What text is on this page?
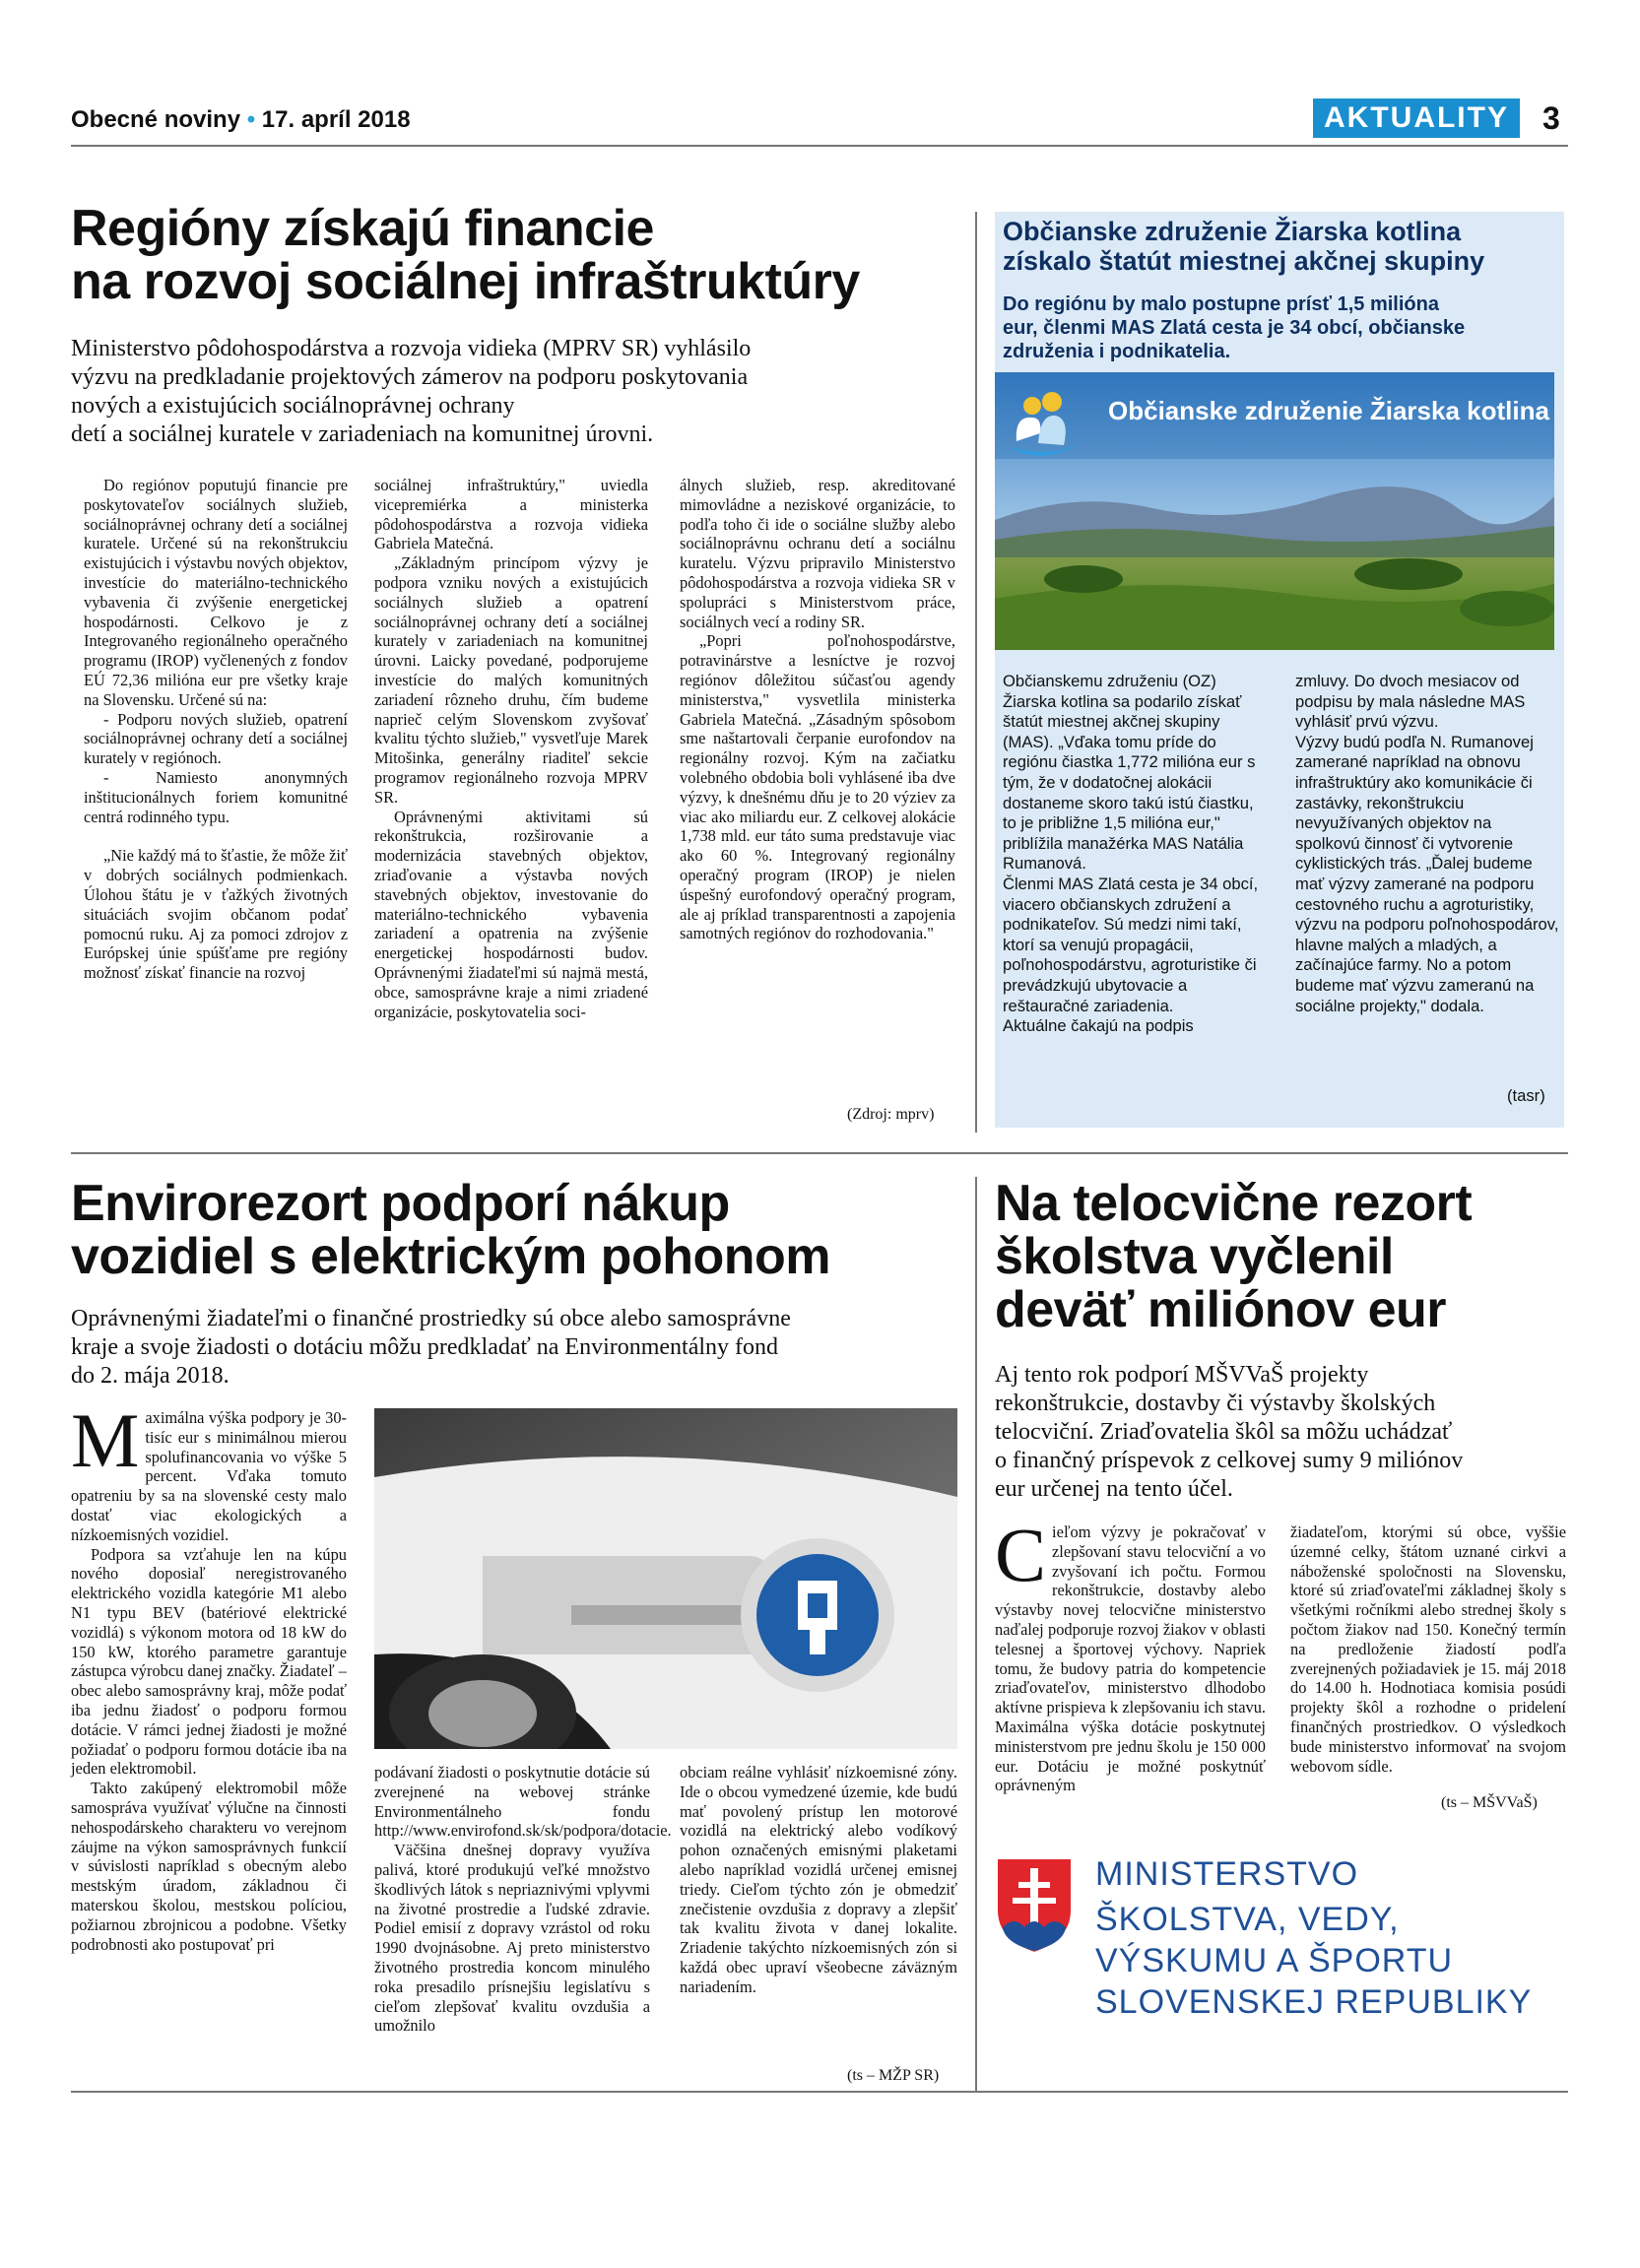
Obecné noviny • 17. apríl 2018	AKTUALITY	3
Regióny získajú financie
na rozvoj sociálnej infraštruktúry
Ministerstvo pôdohospodárstva a rozvoja vidieka (MPRV SR) vyhlásilo
výzvu na predkladanie projektových zámerov na podporu poskytovania
nových a existujúcich sociálnoprávnej ochrany
detí a sociálnej kuratele v zariadeniach na komunitnej úrovni.

Do regiónov poputujú financie pre poskytovateľov sociálnych služieb, sociálnoprávnej ochrany detí a sociálnej kuratele. Určené sú na rekonštrukciu existujúcich i výstavbu nových objektov, investície do materiálno-technického vybavenia či zvýšenie energetickej hospodárnosti. Celkovo je z Integrovaného regionálneho operačného programu (IROP) vyčlenených z fondov EÚ 72,36 milióna eur pre všetky kraje na Slovensku. Určené sú na:

- Podporu nových služieb, opatrení sociálnoprávnej ochrany detí a sociálnej kurately v regiónoch.

- Namiesto anonymných inštitucionálnych foriem komunitné centrá rodinného typu.

„Nie každý má to šťastie, že môže žiť v dobrých sociálnych podmienkach. Úlohou štátu je v ťažkých životných situáciách svojim občanom podať pomocnú ruku. Aj za pomoci zdrojov z Európskej únie spúšťame pre regióny možnosť získať financie na rozvoj

sociálnej infraštruktúry," uviedla vicepremiérka a ministerka pôdohospodárstva a rozvoja vidieka Gabriela Matečná.

„Základným princípom výzvy je podpora vzniku nových a existujúcich sociálnych služieb a opatrení sociálnoprávnej ochrany detí a sociálnej kurately v zariadeniach na komunitnej úrovni. Laicky povedané, podporujeme investície do malých komunitných zariadení rôzneho druhu, čím budeme naprieč celým Slovenskom zvyšovať kvalitu týchto služieb," vysvetľuje Marek Mitošinka, generálny riaditeľ sekcie programov regionálneho rozvoja MPRV SR.

Oprávnenými aktivitami sú rekonštrukcia, rozširovanie a modernizácia stavebných objektov, zriaďovanie a výstavba nových stavebných objektov, investovanie do materiálno-technického vybavenia zariadení a opatrenia na zvýšenie energetickej hospodárnosti budov. Oprávnenými žiadateľmi sú najmä mestá, obce, samosprávne kraje a nimi zriadené organizácie, poskytovatelia soci-

álnych služieb, resp. akreditované mimovládne a neziskové organizácie, to podľa toho či ide o sociálne služby alebo sociálnoprávnu ochranu detí a sociálnu kuratelu. Výzvu pripravilo Ministerstvo pôdohospodárstva a rozvoja vidieka SR v spolupráci s Ministerstvom práce, sociálnych vecí a rodiny SR.

„Popri poľnohospodárstve, potravinárstve a lesníctve je rozvoj regiónov dôležitou súčasťou agendy ministerstva," vysvetlila ministerka Gabriela Matečná. „Zásadným spôsobom sme naštartovali čerpanie eurofondov na regionálny rozvoj. Kým na začiatku volebného obdobia boli vyhlásené iba dve výzvy, k dnešnému dňu je to 20 výziev za viac ako miliardu eur. Z celkovej alokácie 1,738 mld. eur táto suma predstavuje viac ako 60 %. Integrovaný regionálny operačný program (IROP) je nielen úspešný eurofondový operačný program, ale aj príklad transparentnosti a zapojenia samotných regiónov do rozhodovania."

(Zdroj: mprv)
Občianske združenie Žiarska kotlina
získalo štatút miestnej akčnej skupiny
Do regiónu by malo postupne prísť 1,5 milióna
eur, členmi MAS Zlatá cesta je 34 obcí, občianske
združenia i podnikatelia.
Občianske združenie Žiarska kotlina

Občianskemu združeniu (OZ) Žiarska kotlina sa podarilo získať štatút miestnej akčnej skupiny (MAS). „Vďaka tomu príde do regiónu čiastka 1,772 milióna eur s tým, že v dodatočnej alokácii dostaneme skoro takú istú čiastku, to je približne 1,5 milióna eur," priblížila manažérka MAS Natália Rumanová.

Členmi MAS Zlatá cesta je 34 obcí, viacero občianskych združení a podnikateľov. Sú medzi nimi takí, ktorí sa venujú propagácii, poľnohospodárstvu, agroturistike či prevádzkujú ubytovacie a reštauračné zariadenia.

Aktuálne čakajú na podpis

zmluvy. Do dvoch mesiacov od podpisu by mala následne MAS vyhlásiť prvú výzvu.

Výzvy budú podľa N. Rumanovej zamerané napríklad na obnovu infraštruktúry ako komunikácie či zastávky, rekonštrukciu nevyužívaných objektov na spolkovú činnosť či vytvorenie cyklistických trás. „Ďalej budeme mať výzvy zamerané na podporu cestovného ruchu a agroturistiky, výzvu na podporu poľnohospodárov, hlavne malých a mladých, a začínajúce farmy. No a potom budeme mať výzvu zameranú na sociálne projekty," dodala.

(tasr)
Envirorezort podporí nákup
vozidiel s elektrickým pohonom
Oprávnenými žiadateľmi o finančné prostriedky sú obce alebo samosprávne
kraje a svoje žiadosti o dotáciu môžu predkladať na Environmentálny fond
do 2. mája 2018.

Maximálna výška podpory je 30-tisíc eur s minimálnou mierou spolufinancovania vo výške 5 percent. Vďaka tomuto opatreniu by sa na slovenské cesty malo dostať viac ekologických a nízkoemisných vozidiel.

Podpora sa vzťahuje len na kúpu nového doposiaľ neregistrovaného elektrického vozidla kategórie M1 alebo N1 typu BEV (batériové elektrické vozidlá) s výkonom motora od 18 kW do 150 kW, ktorého parametre garantuje zástupca výrobcu danej značky. Žiadateľ – obec alebo samosprávny kraj, môže podať iba jednu žiadosť o podporu formou dotácie. V rámci jednej žiadosti je možné požiadať o podporu formou dotácie iba na jeden elektromobil.

Takto zakúpený elektromobil môže samospráva využívať výlučne na činnosti nehospodárskeho charakteru vo verejnom záujme na výkon samosprávnych funkcií v súvislosti napríklad s obecným alebo mestským úradom, základnou či materskou školou, mestskou políciou, požiarnou zbrojnicou a podobne. Všetky podrobnosti ako postupovať pri

podávaní žiadosti o poskytnutie dotácie sú zverejnené na webovej stránke Environmentálneho fondu http://www.envirofond.sk/sk/podpora/dotacie.

Väčšina dnešnej dopravy využíva palivá, ktoré produkujú veľké množstvo škodlivých látok s nepriaznivými vplyvmi na životné prostredie a ľudské zdravie. Podiel emisií z dopravy vzrástol od roku 1990 dvojnásobne. Aj preto ministerstvo životného prostredia koncom minulého roka presadilo prísnejšiu legislatívu s cieľom zlepšovať kvalitu ovzdušia a umožnilo

obciam reálne vyhlásiť nízkoemisné zóny. Ide o obcou vymedzené územie, kde budú mať povolený prístup len motorové vozidlá na elektrický alebo vodíkový pohon označených emisnými plaketami alebo napríklad vozidlá určenej emisnej triedy. Cieľom týchto zón je obmedziť znečistenie ovzdušia z dopravy a zlepšiť tak kvalitu života v danej lokalite. Zriadenie takýchto nízkoemisných zón si každá obec upraví všeobecne záväzným nariadením.

(ts – MŽP SR)
Na telocvične rezort
školstva vyčlenil
deväť miliónov eur
Aj tento rok podporí MŠVVaŠ projekty
rekonštrukcie, dostavby či výstavby školských
telocviční. Zriaďovatelia škôl sa môžu uchádzať
o finančný príspevok z celkovej sumy 9 miliónov
eur určenej na tento účel.

Cieľom výzvy je pokračovať v zlepšovaní stavu telocviční a vo zvyšovaní ich počtu. Formou rekonštrukcie, dostavby alebo výstavby novej telocvične ministerstvo naďalej podporuje rozvoj žiakov v oblasti telesnej a športovej výchovy. Napriek tomu, že budovy patria do kompetencie zriaďovateľov, ministerstvo dlhodobo aktívne prispieva k zlepšovaniu ich stavu. Maximálna výška dotácie poskytnutej ministerstvom pre jednu školu je 150 000 eur. Dotáciu je možné poskytnúť oprávneným

žiadateľom, ktorými sú obce, vyššie územné celky, štátom uznané cirkvi a náboženské spoločnosti na Slovensku, ktoré sú zriaďovateľmi základnej školy s všetkými ročníkmi alebo strednej školy s počtom žiakov nad 150. Konečný termín na predloženie žiadostí podľa zverejnených požiadaviek je 15. máj 2018 do 14.00 h. Hodnotiaca komisia posúdi projekty škôl a rozhodne o pridelení finančných prostriedkov. O výsledkoch bude ministerstvo informovať na svojom webovom sídle.

(ts – MŠVVaŠ)
MINISTERSTVO
ŠKOLSTVA, VEDY,
VÝSKUMU A ŠPORTU
SLOVENSKEJ REPUBLIKY
